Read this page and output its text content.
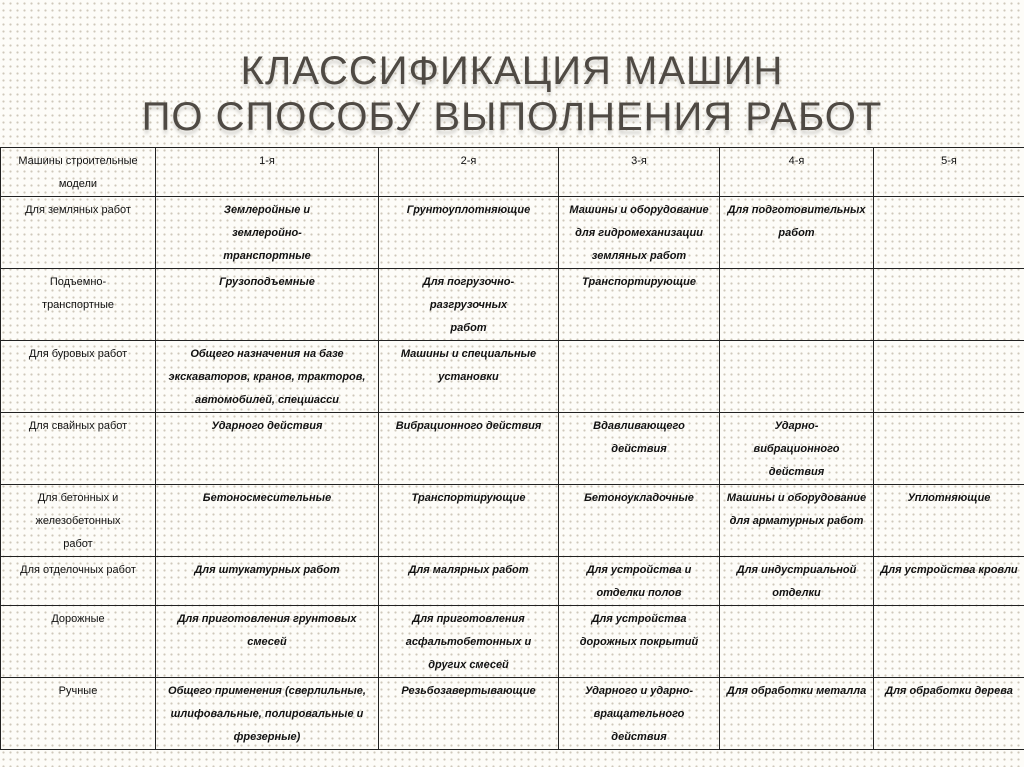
КЛАССИФИКАЦИЯ МАШИН
ПО СПОСОБУ ВЫПОЛНЕНИЯ РАБОТ
Машины строительные модели	1-я	2-я	3-я	4-я	5-я
Для земляных работ	Землеройные и
землеройно-
транспортные	Грунтоуплотняющие	Машины и оборудование
для гидромеханизации
земляных работ	Для подготовительных
работ	
Подъемно-
транспортные	Грузоподъемные	Для погрузочно-
разгрузочных
работ	Транспортирующие		
Для буровых работ	Общего назначения на базе
экскаваторов, кранов, тракторов,
автомобилей, спецшасси	Машины и специальные
установки			
Для свайных работ	Ударного действия	Вибрационного действия	Вдавливающего
действия	Ударно-
вибрационного
действия	
Для бетонных и
железобетонных
работ	Бетоносмесительные	Транспортирующие	Бетоноукладочные	Машины и оборудование
для арматурных работ	Уплотняющие
Для отделочных работ	Для штукатурных работ	Для малярных работ	Для устройства и
отделки полов	Для индустриальной
отделки	Для устройства кровли
Дорожные	Для приготовления грунтовых
смесей	Для приготовления
асфальтобетонных и
других смесей	Для устройства
дорожных покрытий		
Ручные	Общего применения (сверлильные,
шлифовальные, полировальные и
фрезерные)	Резьбозавертывающие	Ударного и ударно-
вращательного
действия	Для обработки металла	Для обработки дерева
